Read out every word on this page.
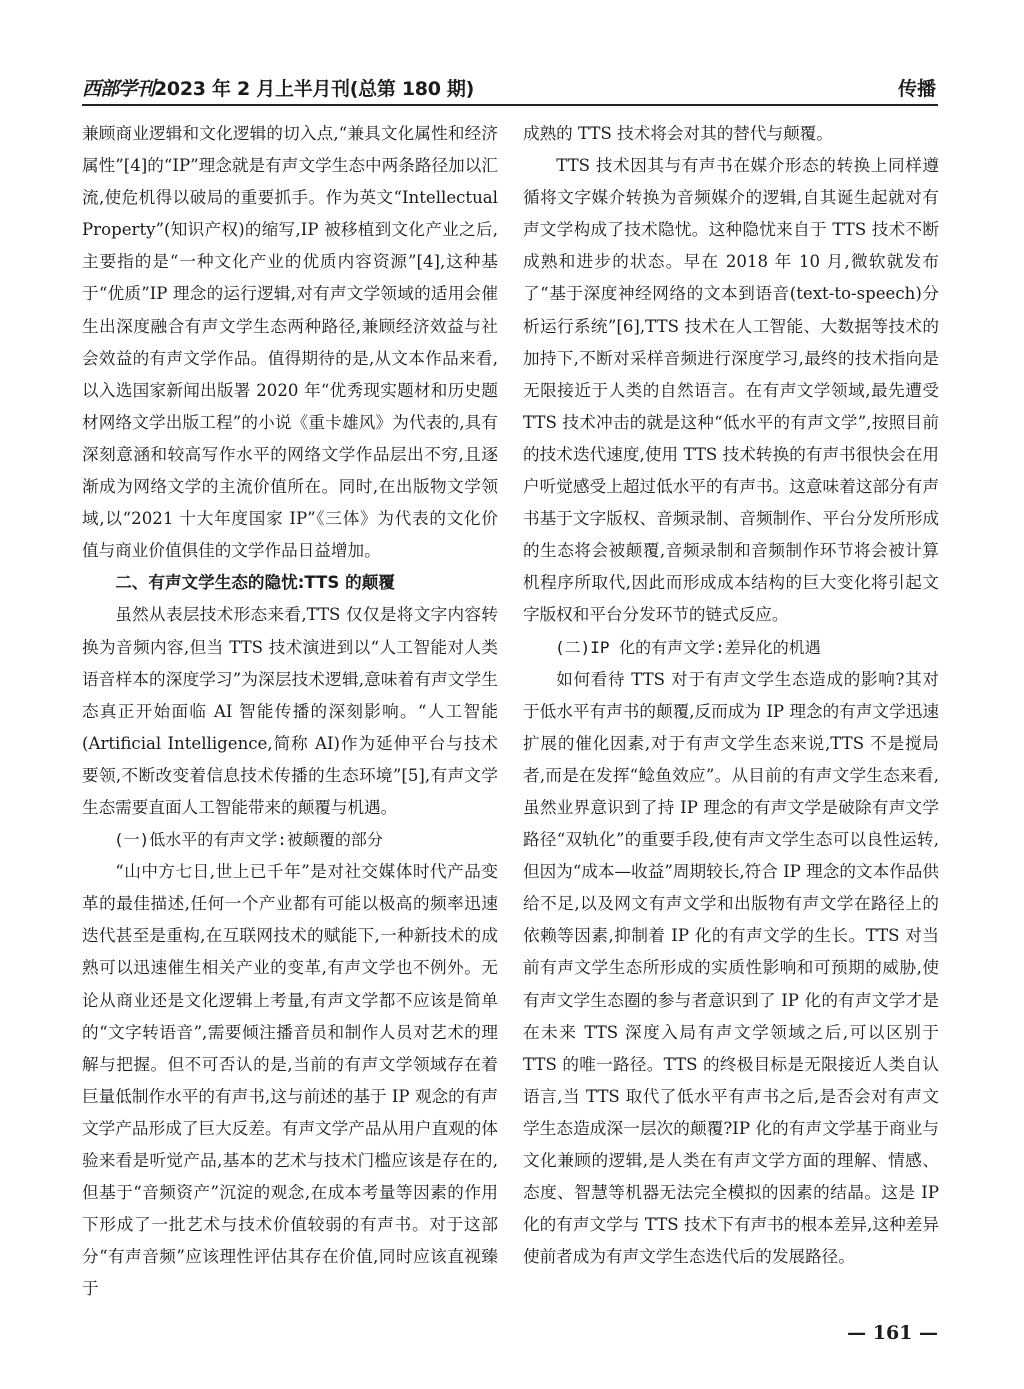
西部学刊2023 年 2 月上半月刊(总第 180 期)	传播

兼顾商业逻辑和文化逻辑的切入点,“兼具文化属性和经济属性”[4]的“IP”理念就是有声文学生态中两条路径加以汇流,使危机得以破局的重要抓手。作为英文“Intellectual Property”(知识产权)的缩写,IP 被移植到文化产业之后,主要指的是“一种文化产业的优质内容资源”[4],这种基于“优质”IP 理念的运行逻辑,对有声文学领域的适用会催生出深度融合有声文学生态两种路径,兼顾经济效益与社会效益的有声文学作品。值得期待的是,从文本作品来看,以入选国家新闻出版署 2020 年“优秀现实题材和历史题材网络文学出版工程”的小说《重卡雄风》为代表的,具有深刻意涵和较高写作水平的网络文学作品层出不穷,且逐渐成为网络文学的主流价值所在。同时,在出版物文学领域,以“2021 十大年度国家 IP”《三体》为代表的文化价值与商业价值俱佳的文学作品日益增加。

二、有声文学生态的隐忧:TTS 的颠覆

虽然从表层技术形态来看,TTS 仅仅是将文字内容转换为音频内容,但当 TTS 技术演进到以“人工智能对人类语音样本的深度学习”为深层技术逻辑,意味着有声文学生态真正开始面临 AI 智能传播的深刻影响。“人工智能(Artificial Intelligence,简称 AI)作为延伸平台与技术要领,不断改变着信息技术传播的生态环境”[5],有声文学生态需要直面人工智能带来的颠覆与机遇。

(一)低水平的有声文学:被颠覆的部分

“山中方七日,世上已千年”是对社交媒体时代产品变革的最佳描述,任何一个产业都有可能以极高的频率迅速迭代甚至是重构,在互联网技术的赋能下,一种新技术的成熟可以迅速催生相关产业的变革,有声文学也不例外。无论从商业还是文化逻辑上考量,有声文学都不应该是简单的“文字转语音”,需要倾注播音员和制作人员对艺术的理解与把握。但不可否认的是,当前的有声文学领域存在着巨量低制作水平的有声书,这与前述的基于 IP 观念的有声文学产品形成了巨大反差。有声文学产品从用户直观的体验来看是听觉产品,基本的艺术与技术门槛应该是存在的,但基于“音频资产”沉淀的观念,在成本考量等因素的作用下形成了一批艺术与技术价值较弱的有声书。对于这部分“有声音频”应该理性评估其存在价值,同时应该直视臻于

成熟的 TTS 技术将会对其的替代与颠覆。

TTS 技术因其与有声书在媒介形态的转换上同样遵循将文字媒介转换为音频媒介的逻辑,自其诞生起就对有声文学构成了技术隐忧。这种隐忧来自于 TTS 技术不断成熟和进步的状态。早在 2018 年 10 月,微软就发布了“基于深度神经网络的文本到语音(text-to-speech)分析运行系统”[6],TTS 技术在人工智能、大数据等技术的加持下,不断对采样音频进行深度学习,最终的技术指向是无限接近于人类的自然语言。在有声文学领域,最先遭受 TTS 技术冲击的就是这种“低水平的有声文学”,按照目前的技术迭代速度,使用 TTS 技术转换的有声书很快会在用户听觉感受上超过低水平的有声书。这意味着这部分有声书基于文字版权、音频录制、音频制作、平台分发所形成的生态将会被颠覆,音频录制和音频制作环节将会被计算机程序所取代,因此而形成成本结构的巨大变化将引起文字版权和平台分发环节的链式反应。

(二)IP 化的有声文学:差异化的机遇

如何看待 TTS 对于有声文学生态造成的影响?其对于低水平有声书的颠覆,反而成为 IP 理念的有声文学迅速扩展的催化因素,对于有声文学生态来说,TTS 不是搅局者,而是在发挥“鲶鱼效应”。从目前的有声文学生态来看,虽然业界意识到了持 IP 理念的有声文学是破除有声文学路径“双轨化”的重要手段,使有声文学生态可以良性运转,但因为“成本—收益”周期较长,符合 IP 理念的文本作品供给不足,以及网文有声文学和出版物有声文学在路径上的依赖等因素,抑制着 IP 化的有声文学的生长。TTS 对当前有声文学生态所形成的实质性影响和可预期的威胁,使有声文学生态圈的参与者意识到了 IP 化的有声文学才是在未来 TTS 深度入局有声文学领域之后,可以区别于 TTS 的唯一路径。TTS 的终极目标是无限接近人类自认语言,当 TTS 取代了低水平有声书之后,是否会对有声文学生态造成深一层次的颠覆?IP 化的有声文学基于商业与文化兼顾的逻辑,是人类在有声文学方面的理解、情感、态度、智慧等机器无法完全模拟的因素的结晶。这是 IP 化的有声文学与 TTS 技术下有声书的根本差异,这种差异使前者成为有声文学生态迭代后的发展路径。

— 161 —
